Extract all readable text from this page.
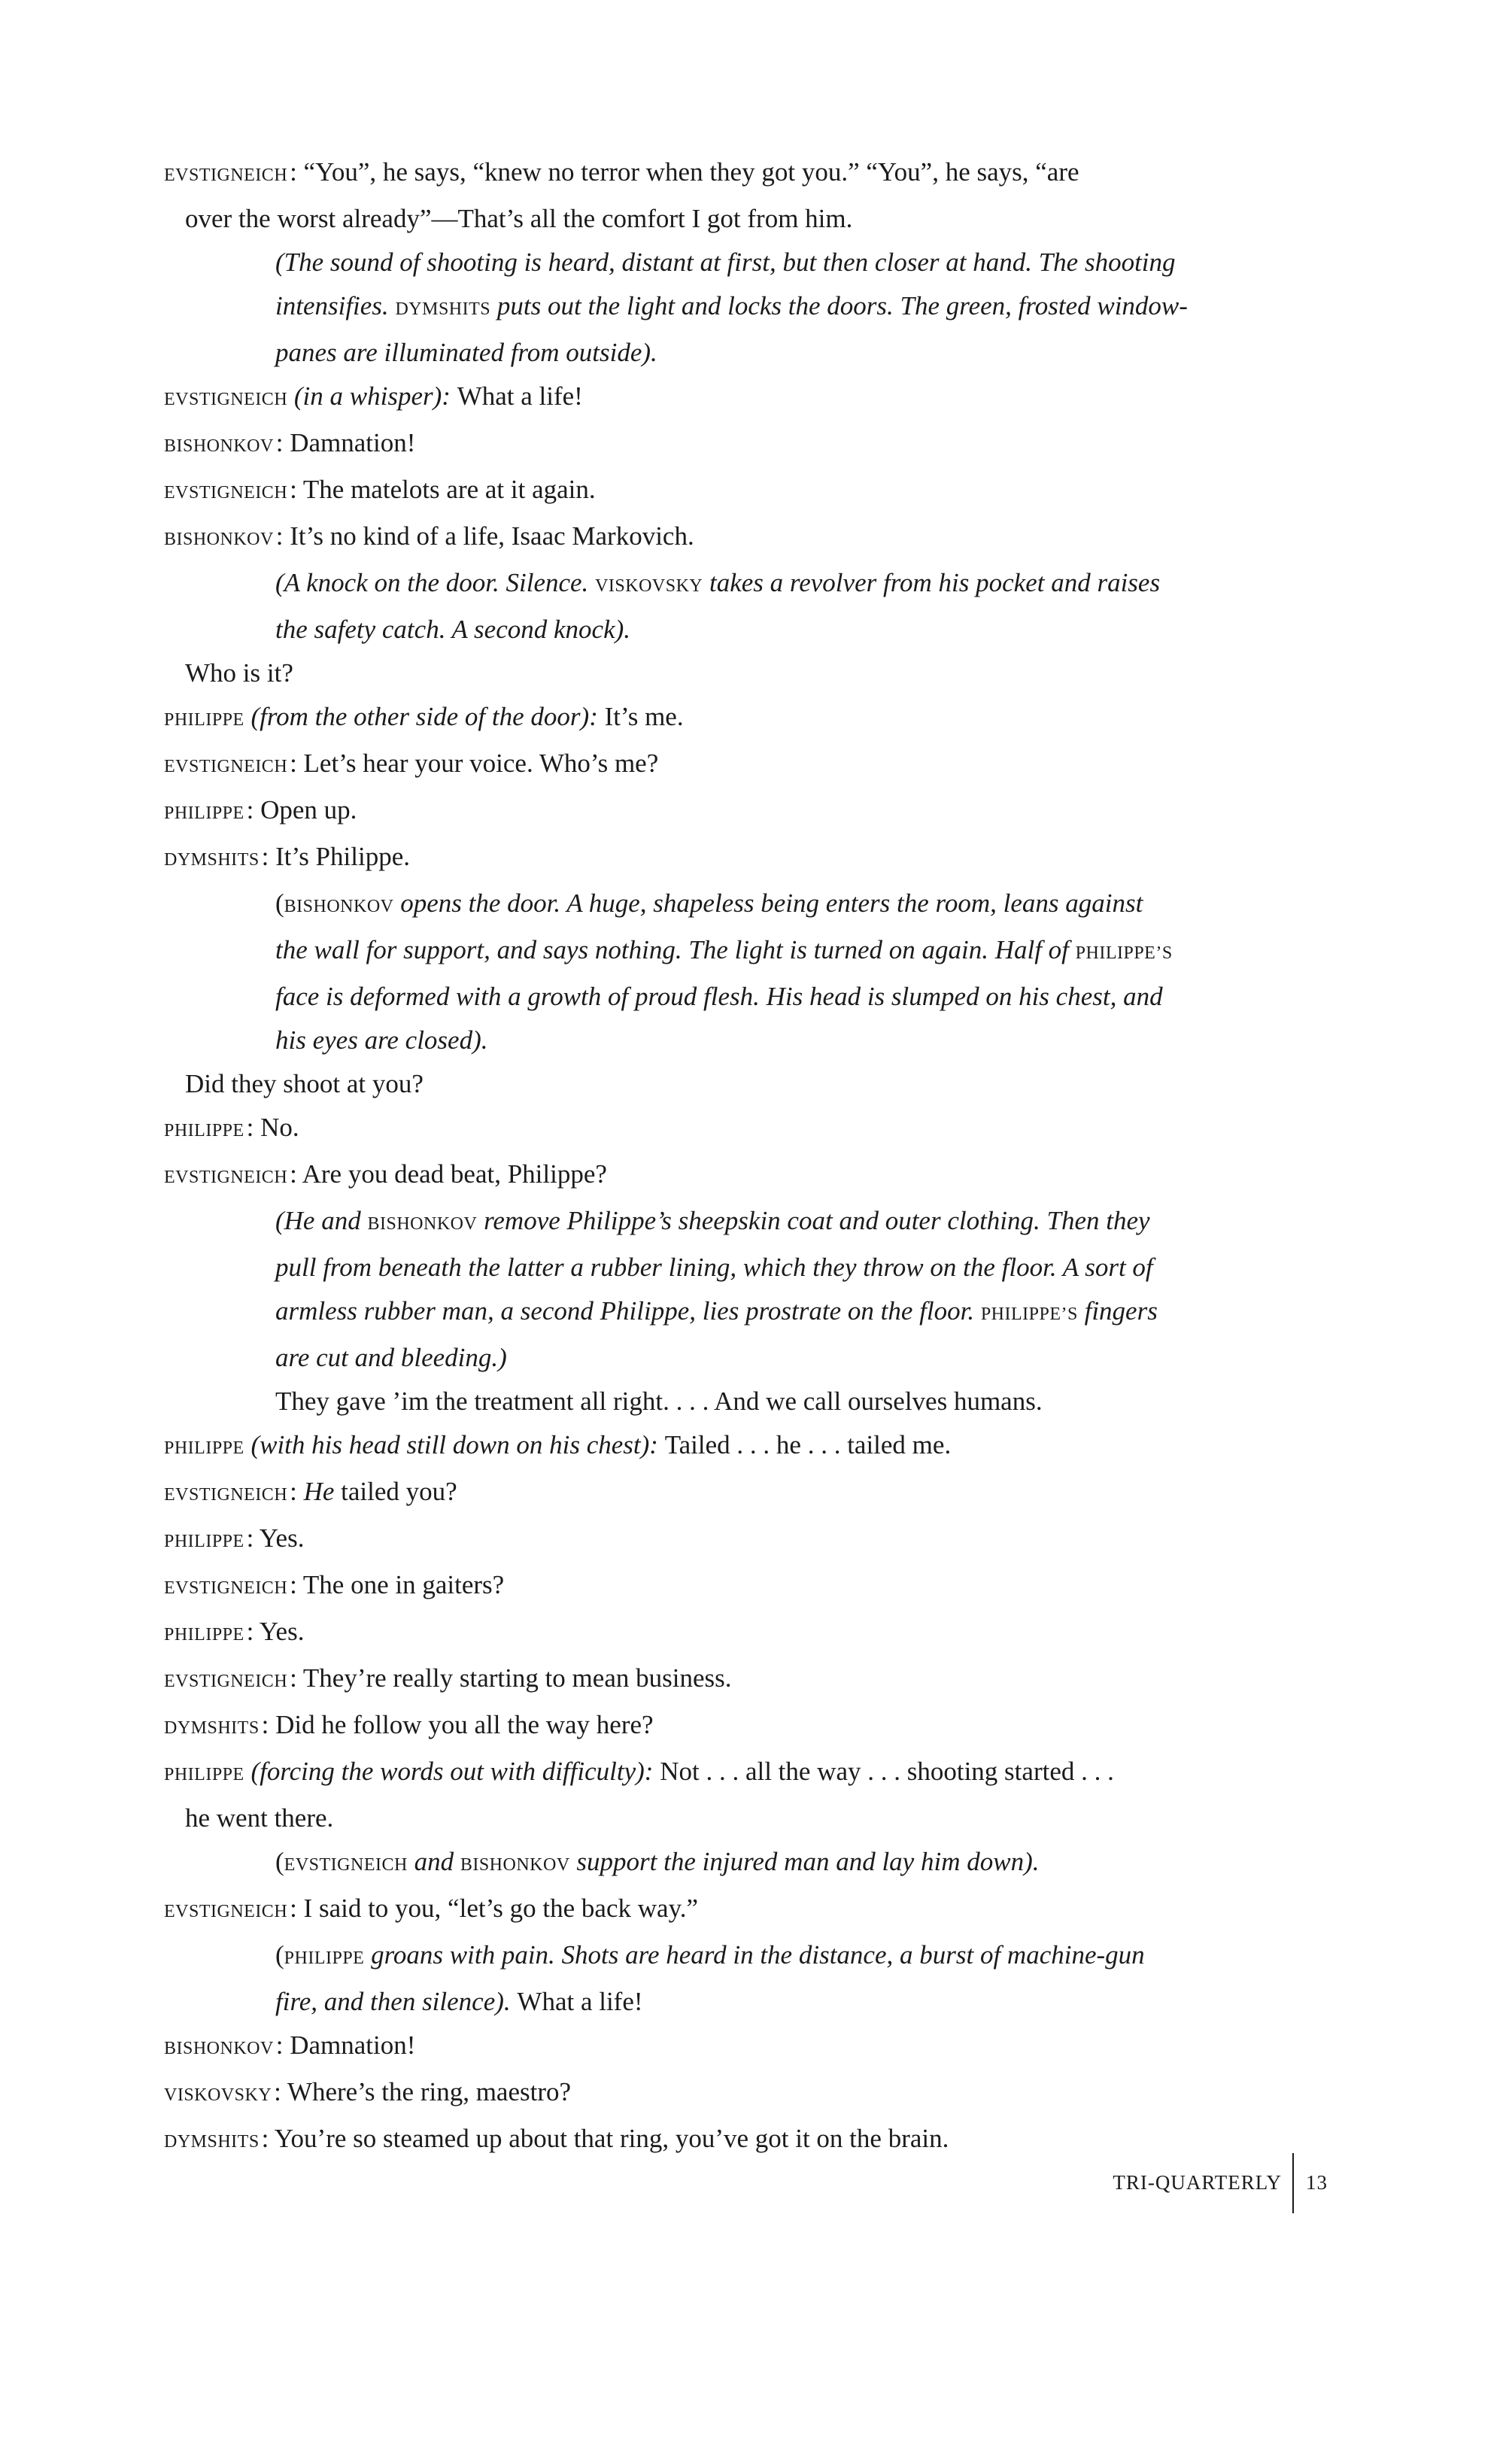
EVSTIGNEICH : “You”, he says, “knew no terror when they got you.” “You”, he says, “are
over the worst already”—That’s all the comfort I got from him.
(The sound of shooting is heard, distant at first, but then closer at hand. The shooting
intensifies. DYMSHITS puts out the light and locks the doors. The green, frosted window-
panes are illuminated from outside).
EVSTIGNEICH (in a whisper): What a life!
BISHONKOV : Damnation!
EVSTIGNEICH : The matelots are at it again.
BISHONKOV : It’s no kind of a life, Isaac Markovich.
(A knock on the door. Silence. VISKOVSKY takes a revolver from his pocket and raises
the safety catch. A second knock).
Who is it?
PHILIPPE (from the other side of the door): It’s me.
EVSTIGNEICH : Let’s hear your voice. Who’s me?
PHILIPPE : Open up.
DYMSHITS : It’s Philippe.
(BISHONKOV opens the door. A huge, shapeless being enters the room, leans against
the wall for support, and says nothing. The light is turned on again. Half of PHILIPPE’S
face is deformed with a growth of proud flesh. His head is slumped on his chest, and
his eyes are closed).
Did they shoot at you?
PHILIPPE : No.
EVSTIGNEICH : Are you dead beat, Philippe?
(He and BISHONKOV remove Philippe’s sheepskin coat and outer clothing. Then they
pull from beneath the latter a rubber lining, which they throw on the floor. A sort of
armless rubber man, a second Philippe, lies prostrate on the floor. PHILIPPE’S fingers
are cut and bleeding.)
They gave ’im the treatment all right. . . . And we call ourselves humans.
PHILIPPE (with his head still down on his chest): Tailed . . . he . . . tailed me.
EVSTIGNEICH : He tailed you?
PHILIPPE : Yes.
EVSTIGNEICH : The one in gaiters?
PHILIPPE : Yes.
EVSTIGNEICH : They’re really starting to mean business.
DYMSHITS : Did he follow you all the way here?
PHILIPPE (forcing the words out with difficulty): Not . . . all the way . . . shooting started . . .
he went there.
(EVSTIGNEICH and BISHONKOV support the injured man and lay him down).
EVSTIGNEICH : I said to you, “let’s go the back way.”
(PHILIPPE groans with pain. Shots are heard in the distance, a burst of machine-gun
fire, and then silence). What a life!
BISHONKOV : Damnation!
VISKOVSKY : Where’s the ring, maestro?
DYMSHITS : You’re so steamed up about that ring, you’ve got it on the brain.
TRI-QUARTERLY 13
